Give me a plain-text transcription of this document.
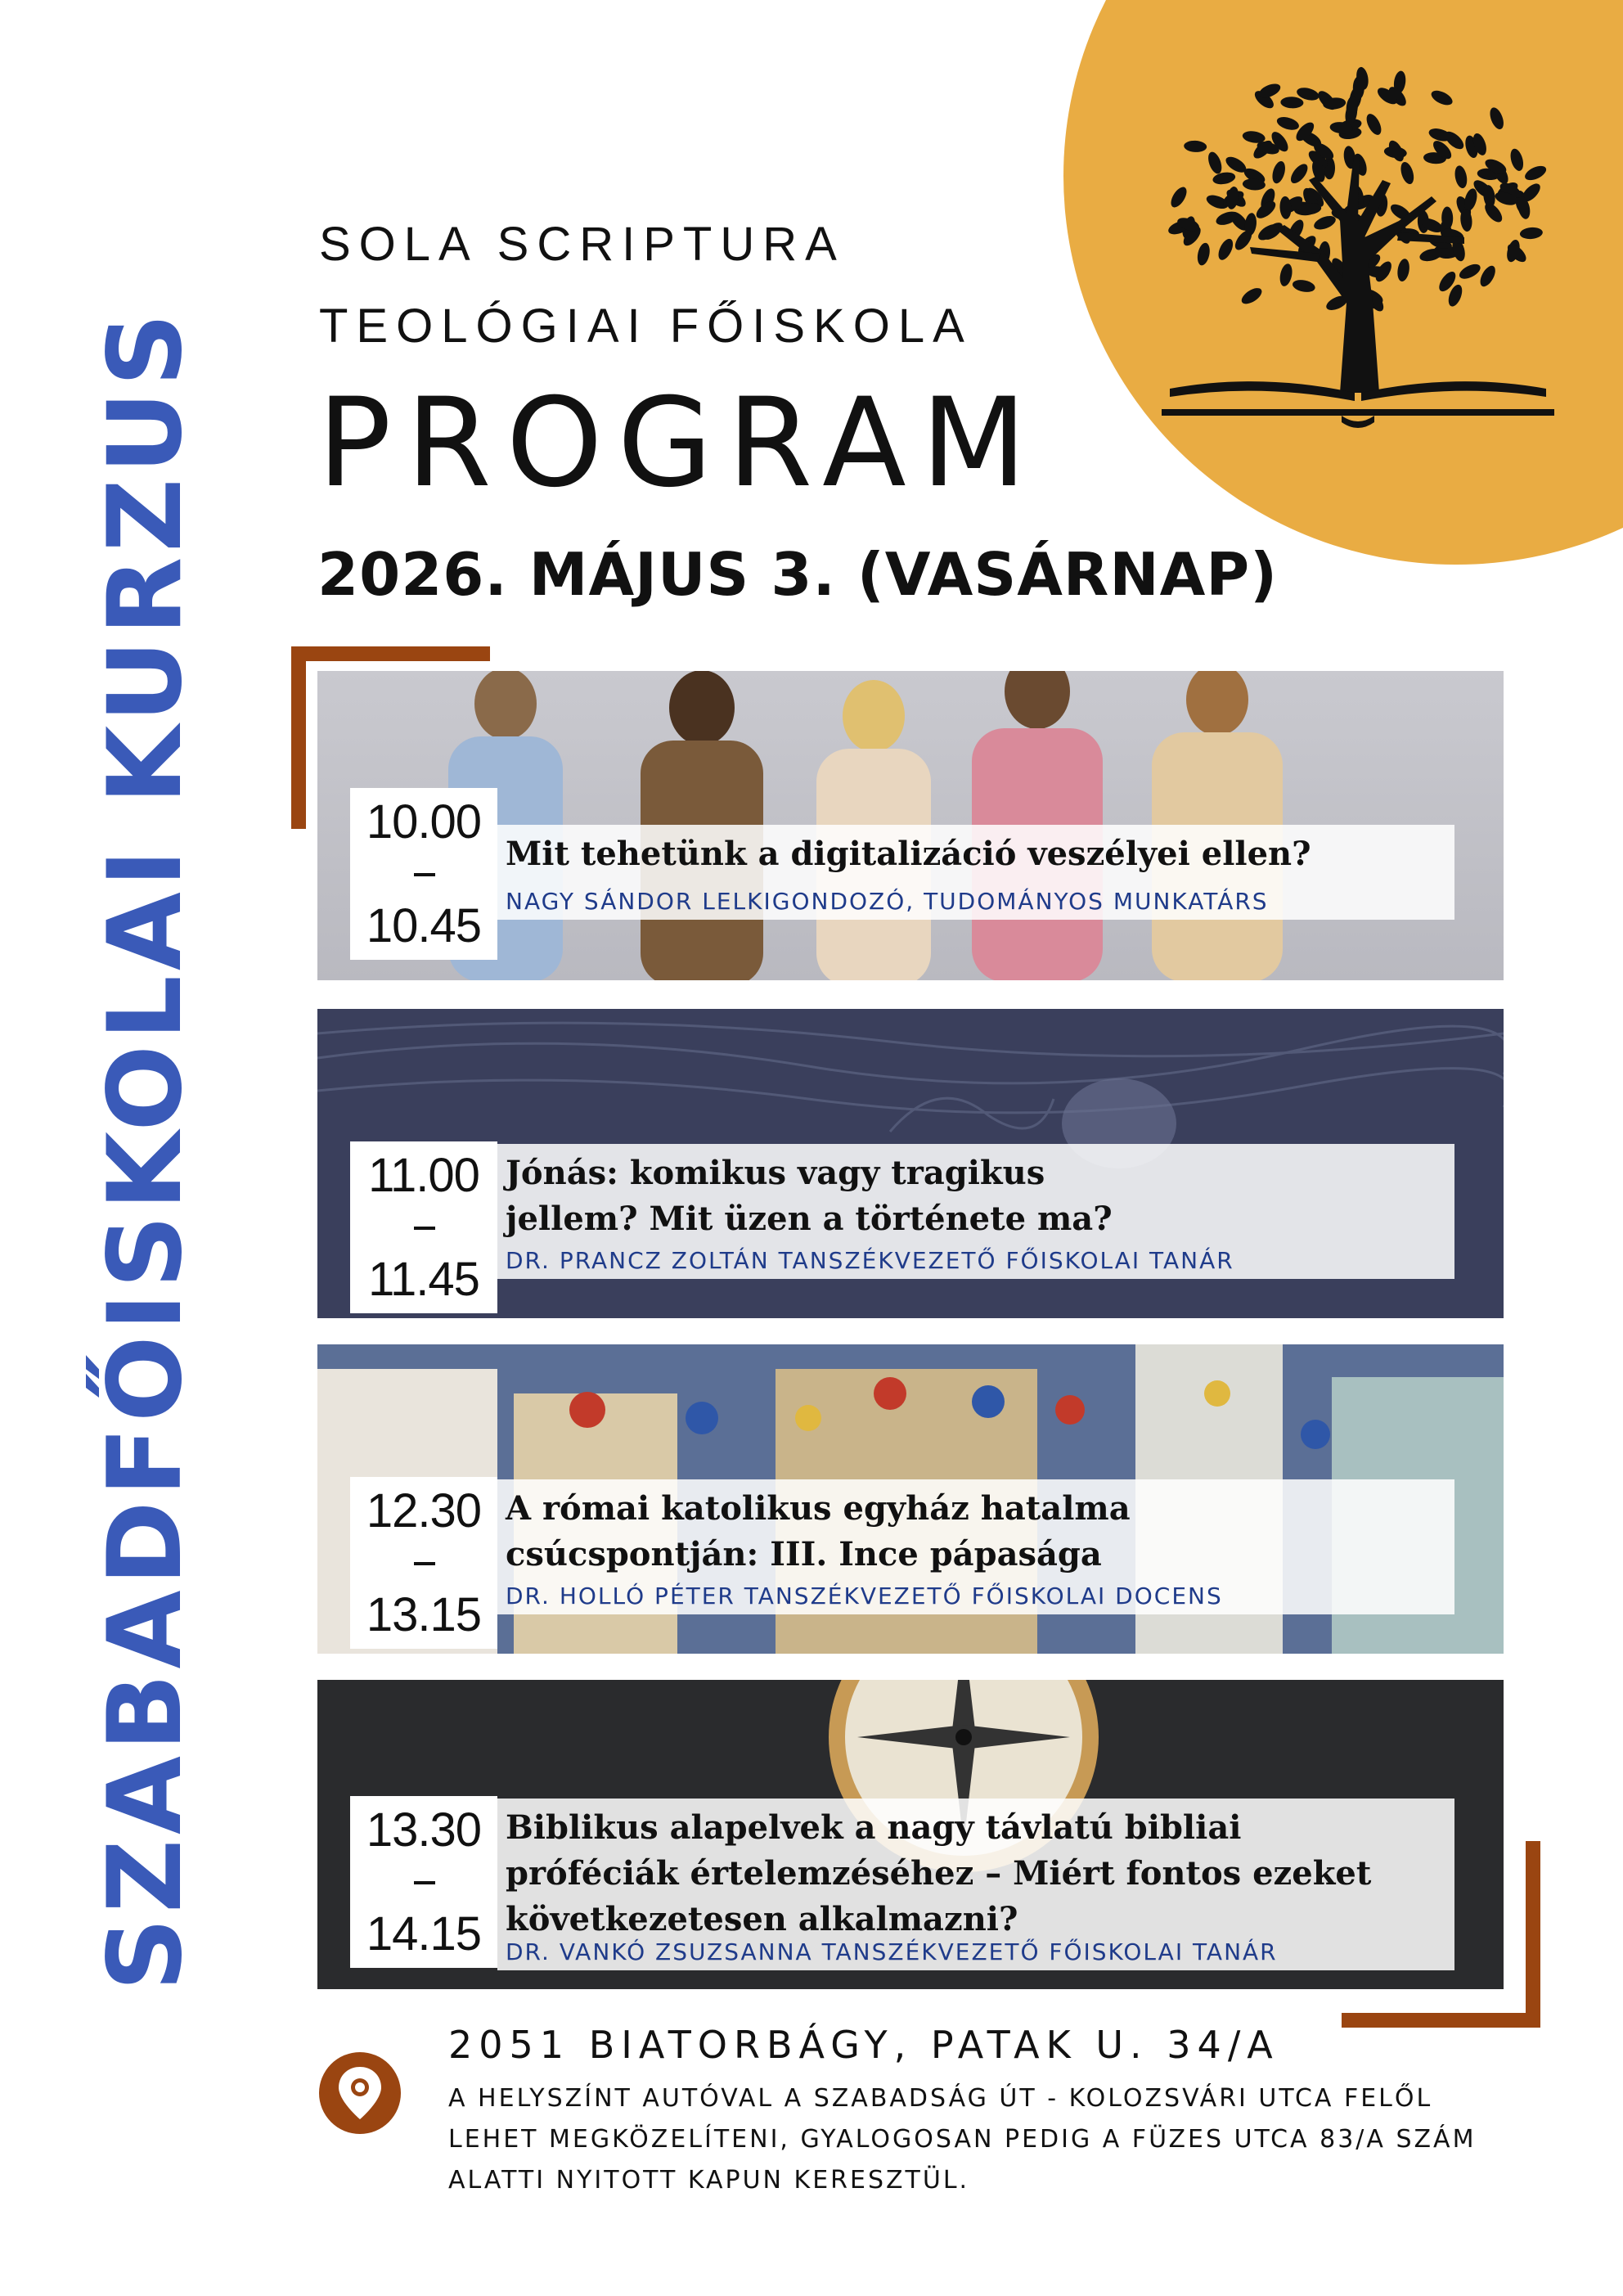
SZABADFŐISKOLAI KURZUS
SOLA SCRIPTURA
TEOLÓGIAI FŐISKOLA
PROGRAM
2026. MÁJUS 3. (VASÁRNAP)
10.00
10.45
Mit tehetünk a digitalizáció veszélyei ellen?
NAGY SÁNDOR LELKIGONDOZÓ, TUDOMÁNYOS MUNKATÁRS
11.00
11.45
Jónás: komikus vagy tragikus jellem? Mit üzen a története ma?
DR. PRANCZ ZOLTÁN TANSZÉKVEZETŐ FŐISKOLAI TANÁR
12.30
13.15
A római katolikus egyház hatalma csúcspontján: III. Ince pápasága
DR. HOLLÓ PÉTER TANSZÉKVEZETŐ FŐISKOLAI DOCENS
13.30
14.15
Biblikus alapelvek a nagy távlatú bibliai próféciák értelemzéséhez – Miért fontos ezeket következetesen alkalmazni?
DR. VANKÓ ZSUZSANNA TANSZÉKVEZETŐ FŐISKOLAI TANÁR
2051 BIATORBÁGY, PATAK U. 34/A
A HELYSZÍNT AUTÓVAL A SZABADSÁG ÚT - KOLOZSVÁRI UTCA FELŐL LEHET MEGKÖZELÍTENI, GYALOGOSAN PEDIG A FÜZES UTCA 83/A SZÁM ALATTI NYITOTT KAPUN KERESZTÜL.
